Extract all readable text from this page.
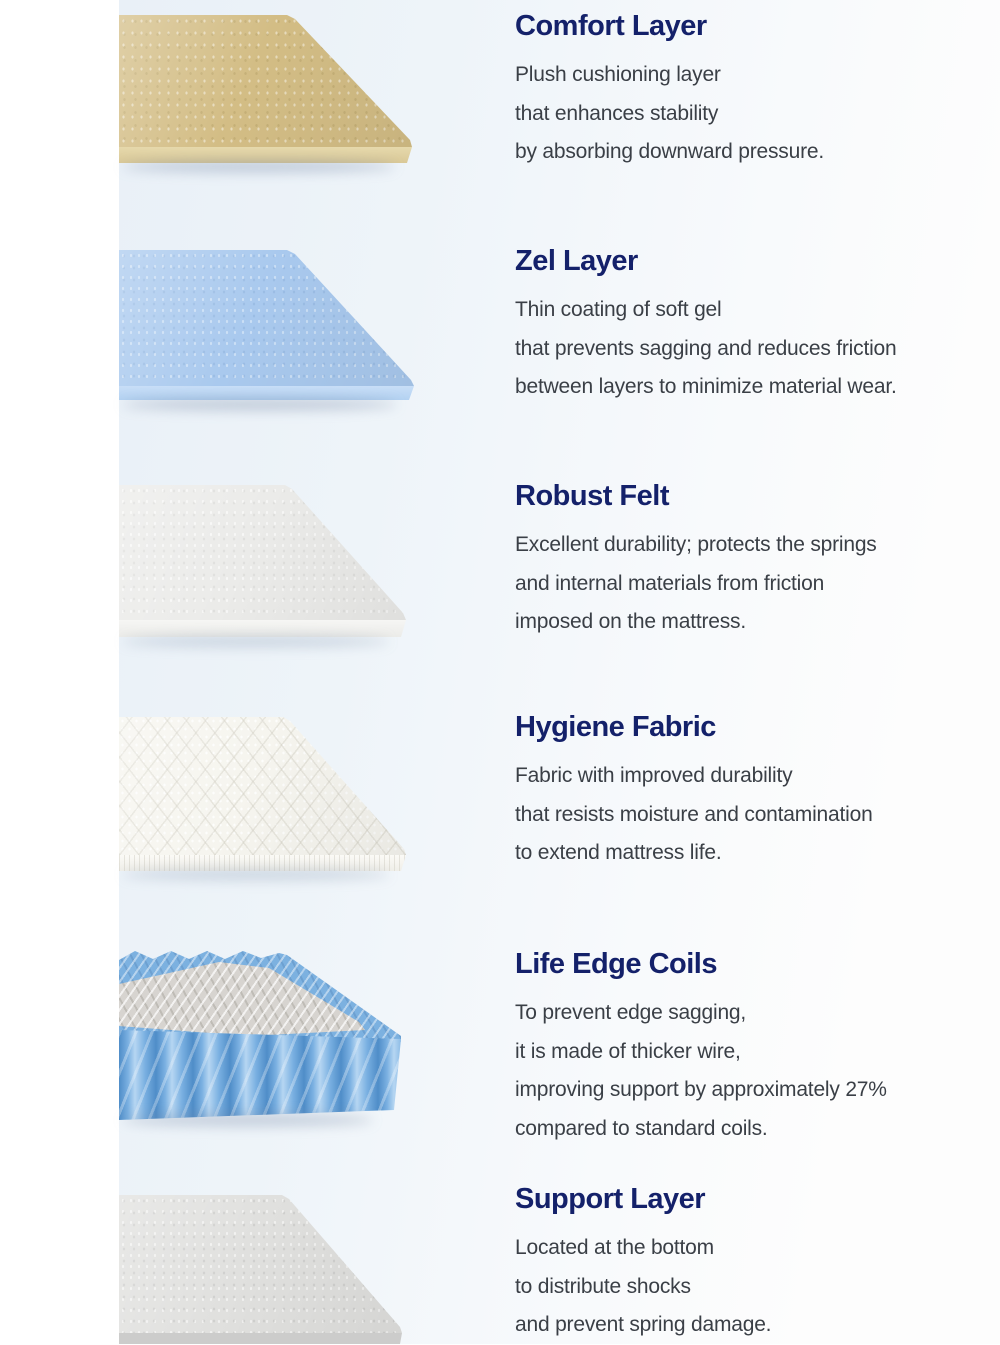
Comfort Layer
Plush cushioning layer
that enhances stability
by absorbing downward pressure.
Zel Layer
Thin coating of soft gel
that prevents sagging and reduces friction
between layers to minimize material wear.
Robust Felt
Excellent durability; protects the springs
and internal materials from friction
imposed on the mattress.
Hygiene Fabric
Fabric with improved durability
that resists moisture and contamination
to extend mattress life.
Life Edge Coils
To prevent edge sagging,
it is made of thicker wire,
improving support by approximately 27%
compared to standard coils.
Support Layer
Located at the bottom
to distribute shocks
and prevent spring damage.
